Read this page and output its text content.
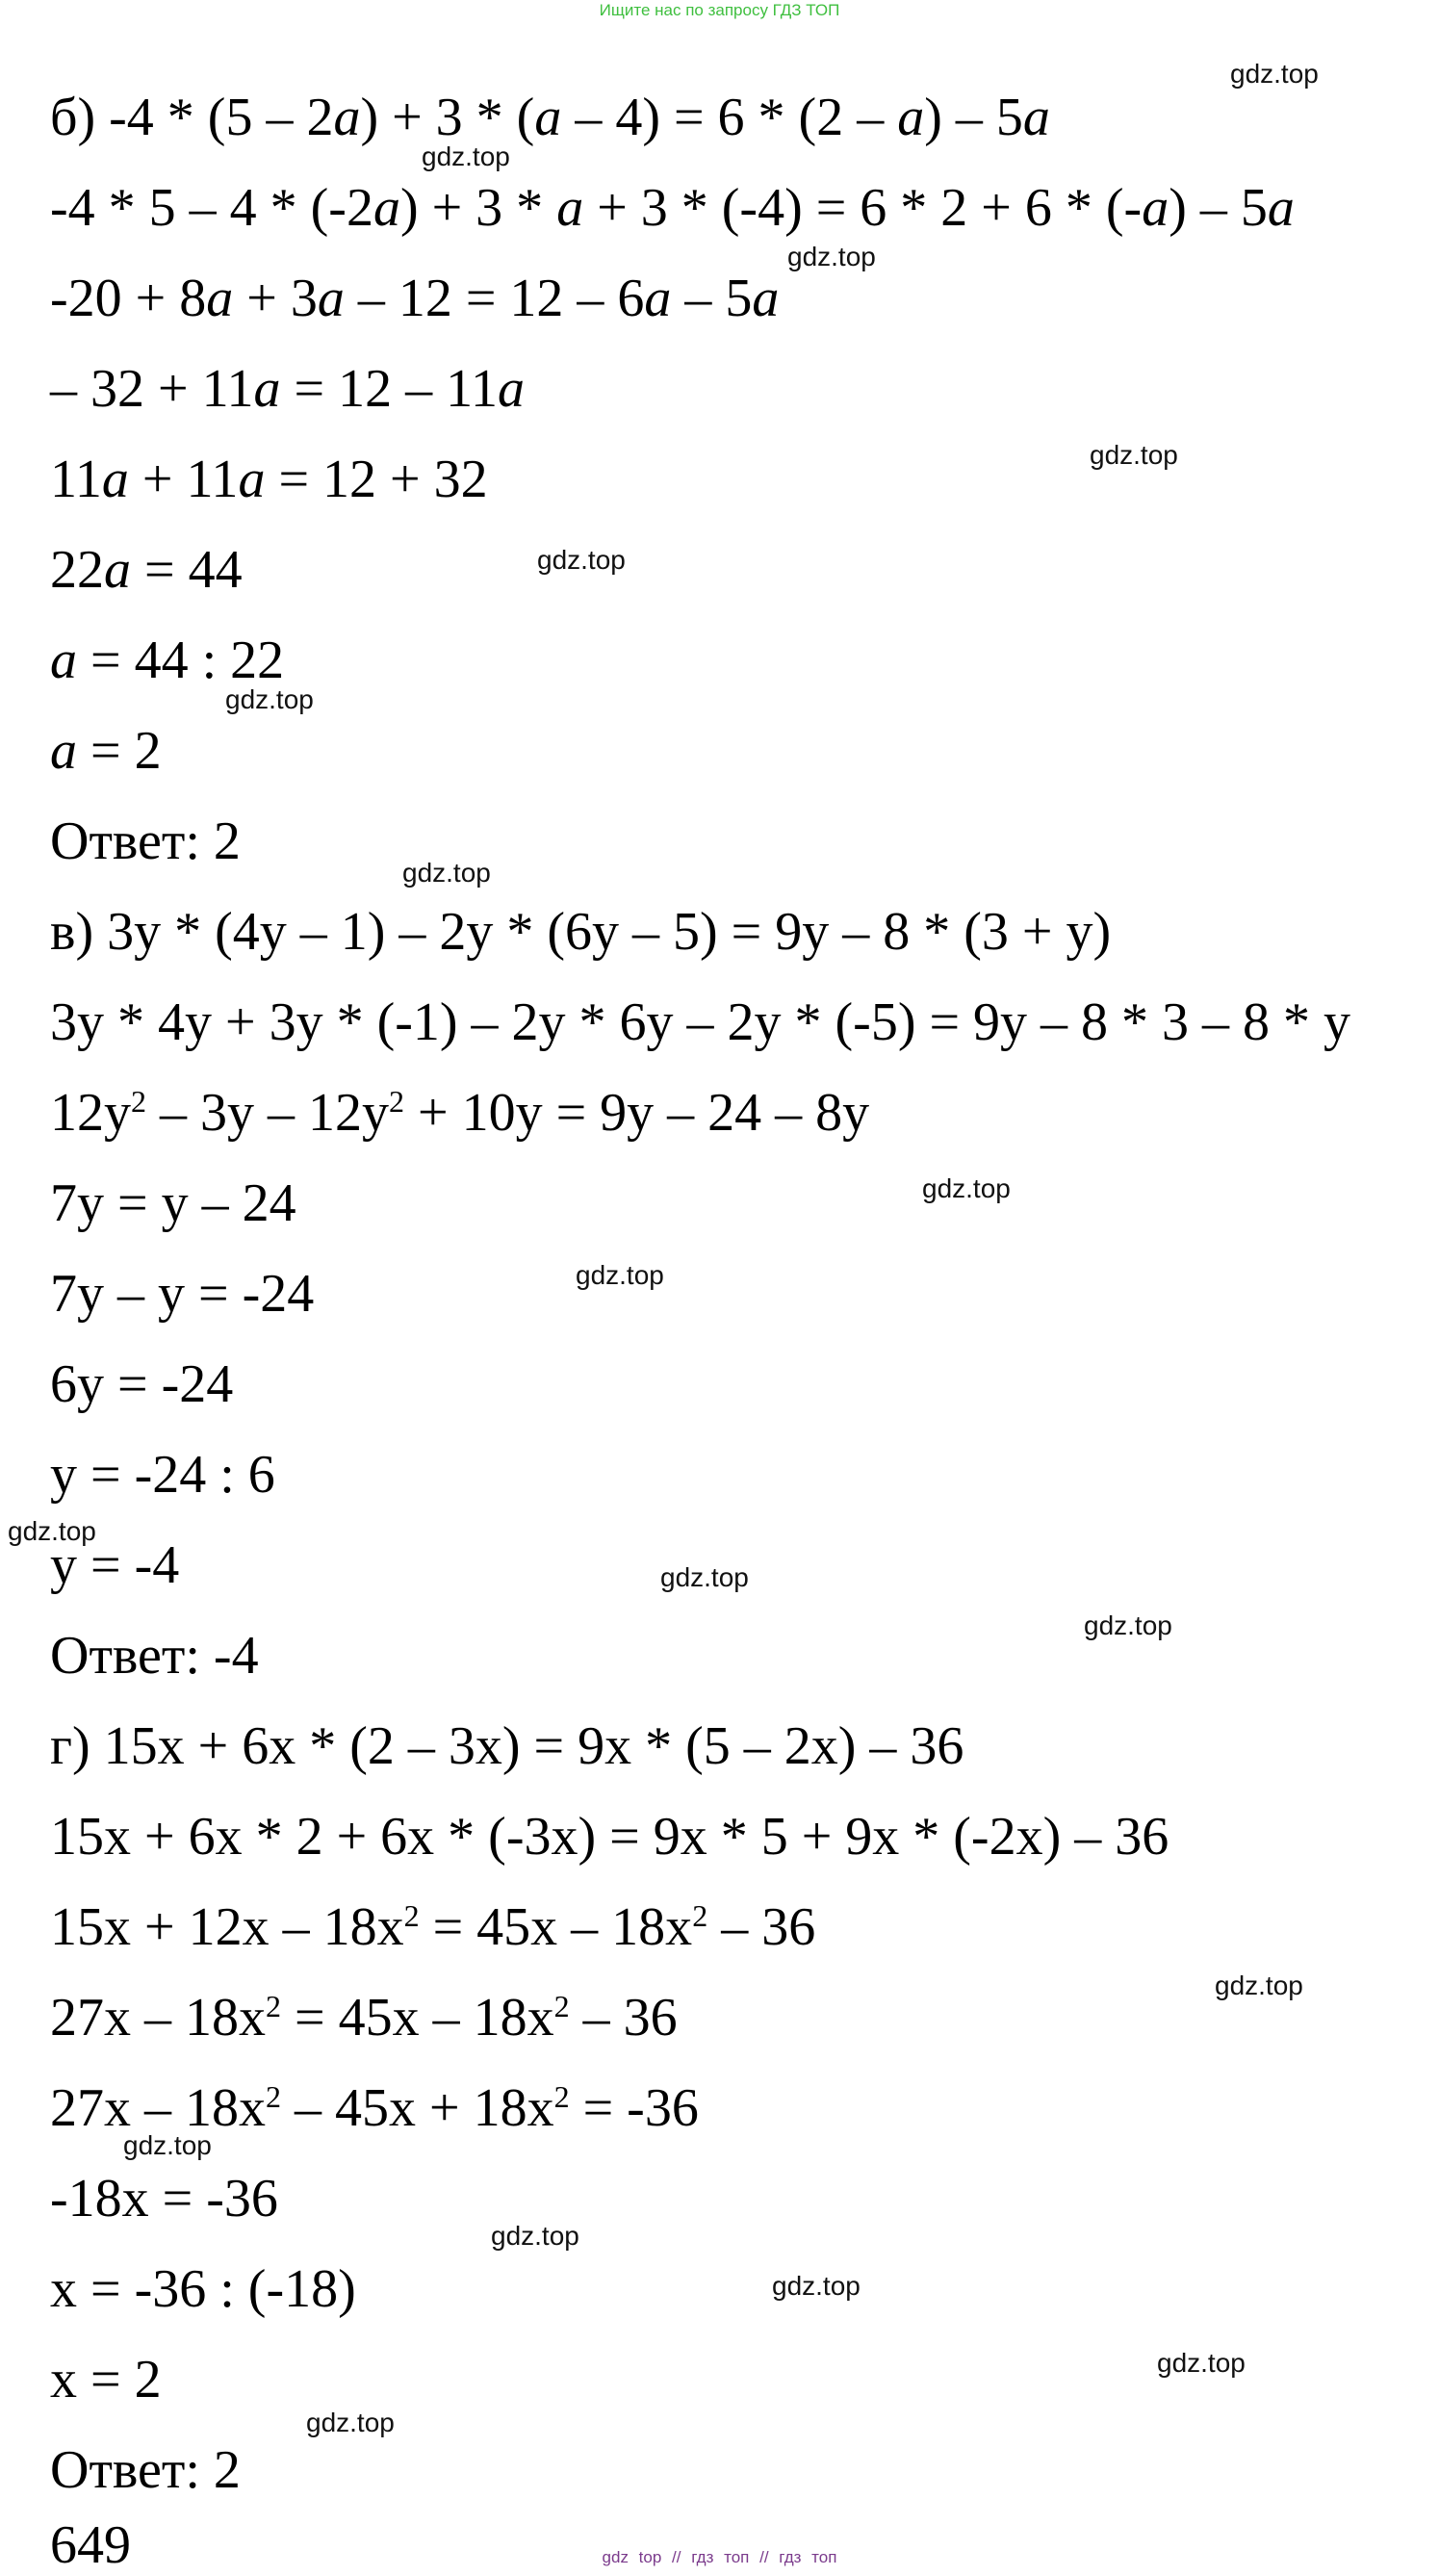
Ищите нас по запросу ГДЗ ТОП
б) -4 * (5 – 2a) + 3 * (a – 4) = 6 * (2 – a) – 5a
-4 * 5 – 4 * (-2a) + 3 * a + 3 * (-4) = 6 * 2 + 6 * (-a) – 5a
-20 + 8a + 3a – 12 = 12 – 6a – 5a
– 32 + 11a = 12 – 11a
11a + 11a = 12 + 32
22a = 44
a = 44 : 22
a = 2
Ответ: 2
в) 3y * (4y – 1) – 2y * (6y – 5) = 9y – 8 * (3 + y)
3y * 4y + 3y * (-1) – 2y * 6y – 2y * (-5) = 9y – 8 * 3 – 8 * y
$12y^2 - 3y - 12y^2 + 10y = 9y - 24 - 8y$
7y = y – 24
7y – y = -24
6y = -24
y = -24 : 6
y = -4
Ответ: -4
г) 15x + 6x * (2 – 3x) = 9x * (5 – 2x) – 36
15x + 6x * 2 + 6x * (-3x) = 9x * 5 + 9x * (-2x) – 36
$15x + 12x - 18x^2 = 45x - 18x^2 - 36$
$27x - 18x^2 = 45x - 18x^2 - 36$
$27x - 18x^2 - 45x + 18x^2 = -36$
-18x = -36
x = -36 : (-18)
x = 2
Ответ: 2
649
gdz.top
gdz.top
gdz.top
gdz.top
gdz.top
gdz.top
gdz.top
gdz.top
gdz.top
gdz.top
gdz.top
gdz.top
gdz.top
gdz.top
gdz.top
gdz.top
gdz.top
gdz.top
gdz top // гдз топ // гдз топ
